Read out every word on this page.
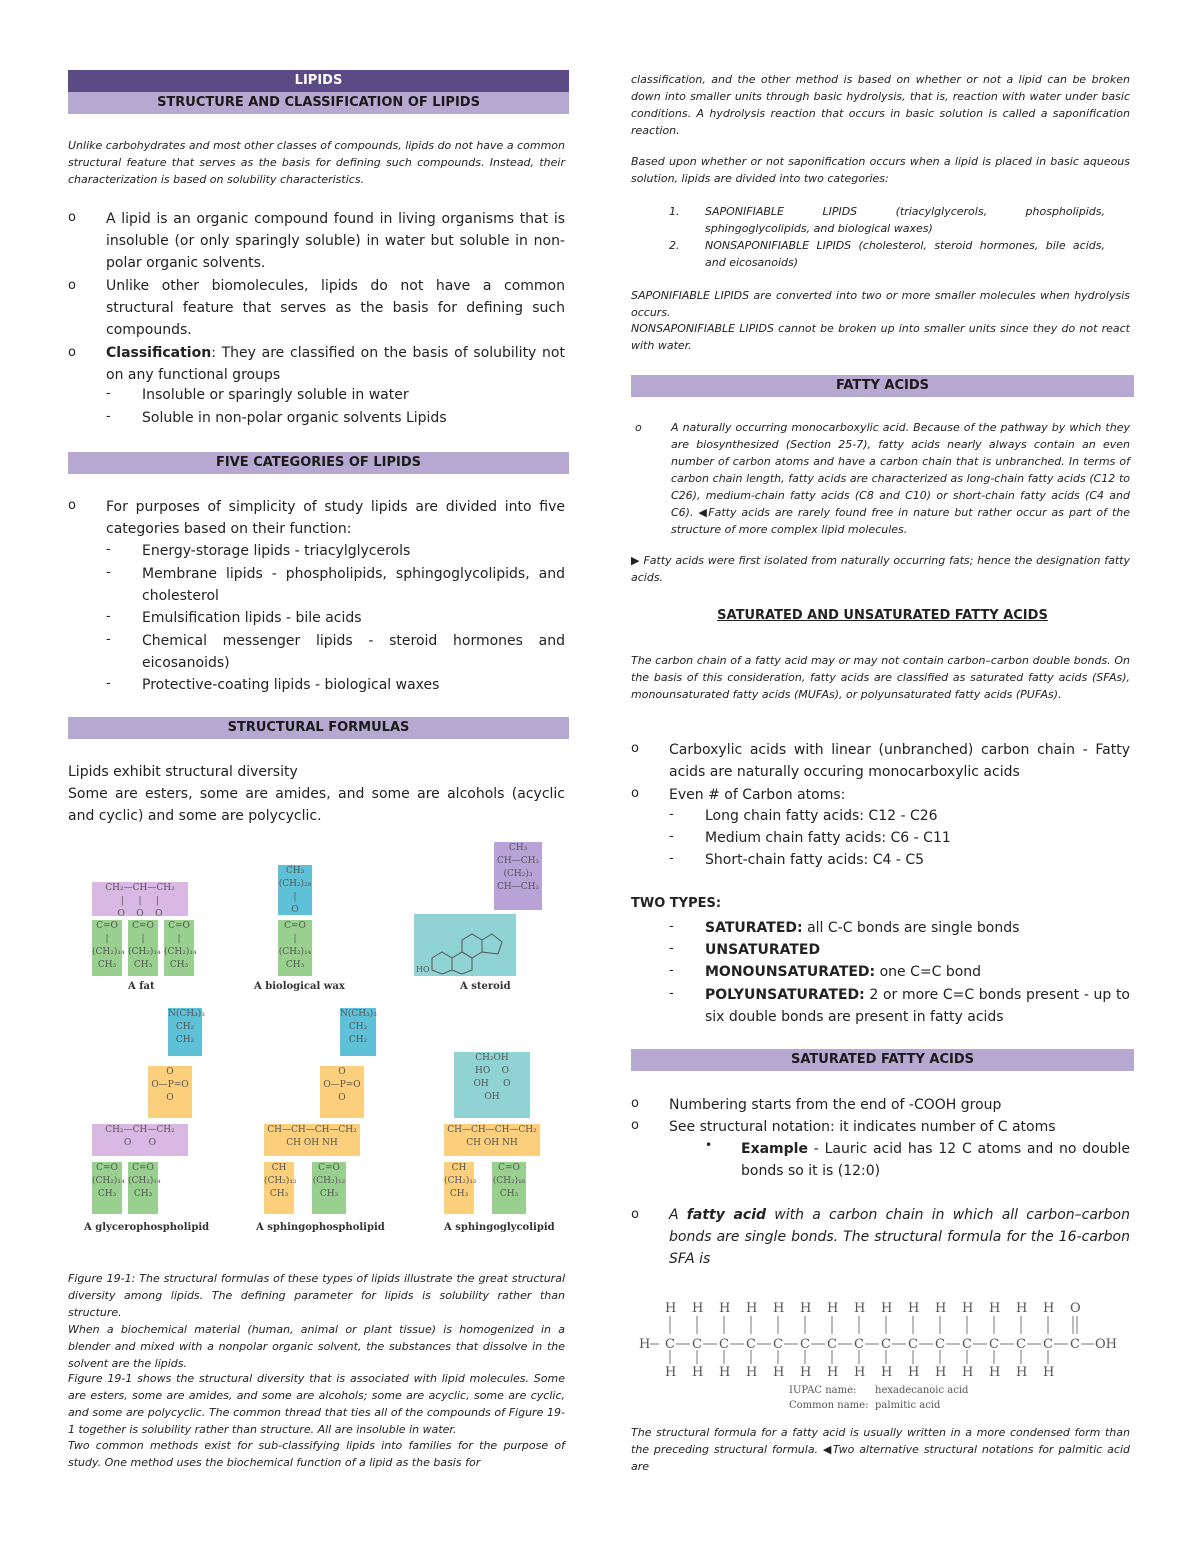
LIPIDS
STRUCTURE AND CLASSIFICATION OF LIPIDS
Unlike carbohydrates and most other classes of compounds, lipids do not have a common structural feature that serves as the basis for defining such compounds. Instead, their characterization is based on solubility characteristics.
o A lipid is an organic compound found in living organisms that is insoluble (or only sparingly soluble) in water but soluble in non-polar organic solvents.
o Unlike other biomolecules, lipids do not have a common structural feature that serves as the basis for defining such compounds.
o Classification: They are classified on the basis of solubility not on any functional groups
- Insoluble or sparingly soluble in water
- Soluble in non-polar organic solvents Lipids
FIVE CATEGORIES OF LIPIDS
o For purposes of simplicity of study lipids are divided into five categories based on their function:
- Energy-storage lipids - triacylglycerols
- Membrane lipids - phospholipids, sphingoglycolipids, and cholesterol
- Emulsification lipids - bile acids
- Chemical messenger lipids - steroid hormones and eicosanoids)
- Protective-coating lipids - biological waxes
STRUCTURAL FORMULAS
Lipids exhibit structural diversity
Some are esters, some are amides, and some are alcohols (acyclic and cyclic) and some are polycyclic.
CH₂—CH—CH₂
|     |     |
O    O    O
C=O
|
(CH₂)₁₄
CH₃
C=O
|
(CH₂)₁₄
CH₃
C=O
|
(CH₂)₁₄
CH₃
A fat
CH₃
(CH₂)₂₈
|
O
C=O
|
(CH₂)₁₄
CH₃
A biological wax
CH₃
CH—CH₃
(CH₂)₃
CH—CH₃
HO
A steroid
N(CH₃)₃
CH₂
CH₂
O
O—P=O
O
CH₂—CH—CH₂
O      O
C=O
(CH₂)₁₄
CH₃
C=O
(CH₂)₁₄
CH₃
A glycerophospholipid
N(CH₃)₃
CH₂
CH₂
O
O—P=O
O
CH—CH—CH—CH₂
CH OH NH
CH
(CH₂)₁₂
CH₃
C=O
(CH₂)₁₂
CH₃
A sphingophospholipid
CH₂OH
HO    O
OH     O
OH
CH—CH—CH—CH₂
CH OH NH
CH
(CH₂)₁₂
CH₃
C=O
(CH₂)₁₆
CH₃
A sphingoglycolipid
Figure 19-1: The structural formulas of these types of lipids illustrate the great structural diversity among lipids. The defining parameter for lipids is solubility rather than structure.
When a biochemical material (human, animal or plant tissue) is homogenized in a blender and mixed with a nonpolar organic solvent, the substances that dissolve in the solvent are the lipids.
Figure 19-1 shows the structural diversity that is associated with lipid molecules. Some are esters, some are amides, and some are alcohols; some are acyclic, some are cyclic, and some are polycyclic. The common thread that ties all of the compounds of Figure 19-1 together is solubility rather than structure. All are insoluble in water.
Two common methods exist for sub-classifying lipids into families for the purpose of study. One method uses the biochemical function of a lipid as the basis for
classification, and the other method is based on whether or not a lipid can be broken down into smaller units through basic hydrolysis, that is, reaction with water under basic conditions. A hydrolysis reaction that occurs in basic solution is called a saponification reaction.
Based upon whether or not saponification occurs when a lipid is placed in basic aqueous solution, lipids are divided into two categories:
1. SAPONIFIABLE LIPIDS (triacylglycerols, phospholipids, sphingoglycolipids, and biological waxes)
2. NONSAPONIFIABLE LIPIDS (cholesterol, steroid hormones, bile acids, and eicosanoids)
SAPONIFIABLE LIPIDS are converted into two or more smaller molecules when hydrolysis occurs.
NONSAPONIFIABLE LIPIDS cannot be broken up into smaller units since they do not react with water.
FATTY ACIDS
o	A naturally occurring monocarboxylic acid. Because of the pathway by which they are biosynthesized (Section 25-7), fatty acids nearly always contain an even number of carbon atoms and have a carbon chain that is unbranched. In terms of carbon chain length, fatty acids are characterized as long-chain fatty acids (C12 to C26), medium-chain fatty acids (C8 and C10) or short-chain fatty acids (C4 and C6). ◀Fatty acids are rarely found free in nature but rather occur as part of the structure of more complex lipid molecules.
▶ Fatty acids were first isolated from naturally occurring fats; hence the designation fatty acids.
SATURATED AND UNSATURATED FATTY ACIDS
The carbon chain of a fatty acid may or may not contain carbon–carbon double bonds. On the basis of this consideration, fatty acids are classified as saturated fatty acids (SFAs), monounsaturated fatty acids (MUFAs), or polyunsaturated fatty acids (PUFAs).
o Carboxylic acids with linear (unbranched) carbon chain - Fatty acids are naturally occuring monocarboxylic acids
o Even # of Carbon atoms:
- Long chain fatty acids: C12 - C26
- Medium chain fatty acids: C6 - C11
- Short-chain fatty acids: C4 - C5
TWO TYPES:
- SATURATED: all C-C bonds are single bonds
- UNSATURATED
- MONOUNSATURATED: one C=C bond
- POLYUNSATURATED: 2 or more C=C bonds present - up to six double bonds are present in fatty acids
SATURATED FATTY ACIDS
o Numbering starts from the end of -COOH group
o See structural notation: it indicates number of C atoms
• Example - Lauric acid has 12 C atoms and no double bonds so it is (12:0)
o A fatty acid with a carbon chain in which all carbon–carbon bonds are single bonds. The structural formula for the 16-carbon SFA is
H C
H
H
C
H
H
C
H
H
C
H
H
C
H
H
C
H
H
C
H
H
C
H
H
C
H
H
C
H
H
C
H
H
C
H
H
C
H
H
C
H
H
C
H
H
C
O
OH
IUPAC name: hexadecanoic acid
Common name: palmitic acid
The structural formula for a fatty acid is usually written in a more condensed form than the preceding structural formula. ◀Two alternative structural notations for palmitic acid are
